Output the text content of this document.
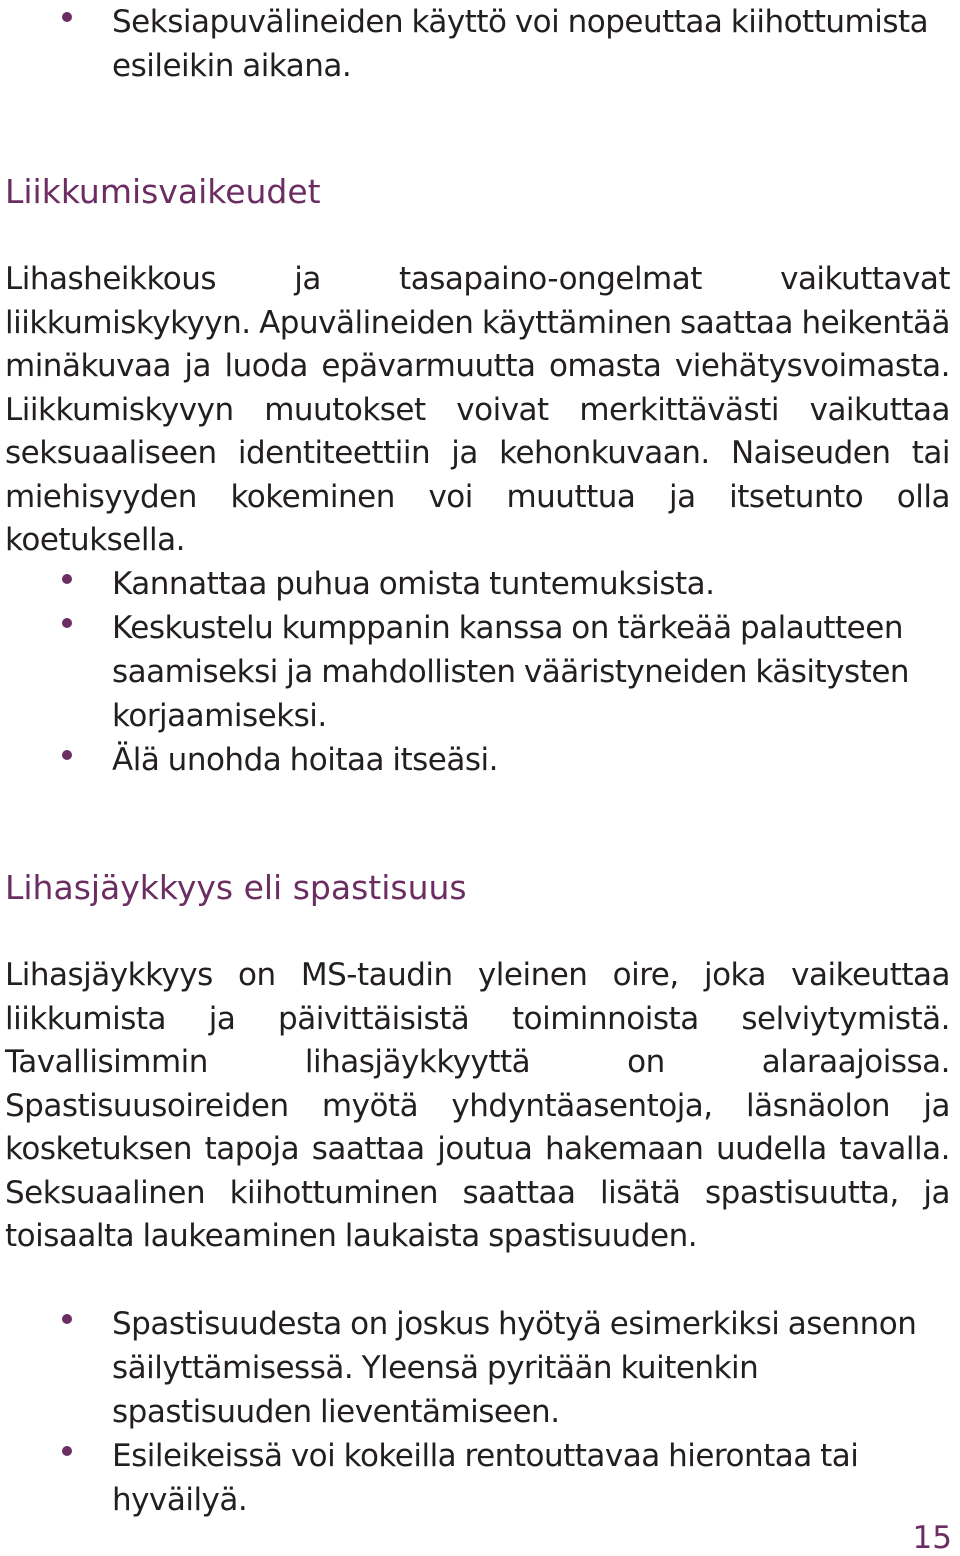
Seksiapuvälineiden käyttö voi nopeuttaa kiihottumista esileikin aikana.
Liikkumisvaikeudet

Lihasheikkous ja tasapaino-ongelmat vaikuttavat liikkumiskykyyn. Apuvälineiden käyttäminen saattaa heikentää minäkuvaa ja luoda epävarmuutta omasta viehätysvoimasta. Liikkumiskyvyn muutokset voivat merkittävästi vaikuttaa seksuaaliseen identiteettiin ja kehonkuvaan. Naiseuden tai miehisyyden kokeminen voi muuttua ja itsetunto olla koetuksella.

Kannattaa puhua omista tuntemuksista.
Keskustelu kumppanin kanssa on tärkeää palautteen saamiseksi ja mahdollisten vääristyneiden käsitysten korjaamiseksi.
Älä unohda hoitaa itseäsi.
Lihasjäykkyys eli spastisuus

Lihasjäykkyys on MS-taudin yleinen oire, joka vaikeuttaa liikkumista ja päivittäisistä toiminnoista selviytymistä. Tavallisimmin lihasjäykkyyttä on alaraajoissa. Spastisuusoireiden myötä yhdyntäasentoja, läsnäolon ja kosketuksen tapoja saattaa joutua hakemaan uudella tavalla. Seksuaalinen kiihottuminen saattaa lisätä spastisuutta, ja toisaalta laukeaminen laukaista spastisuuden.

Spastisuudesta on joskus hyötyä esimerkiksi asennon säilyttämisessä. Yleensä pyritään kuitenkin spastisuuden lieventämiseen.
Esileikeissä voi kokeilla rentouttavaa hierontaa tai hyväilyä.
15
